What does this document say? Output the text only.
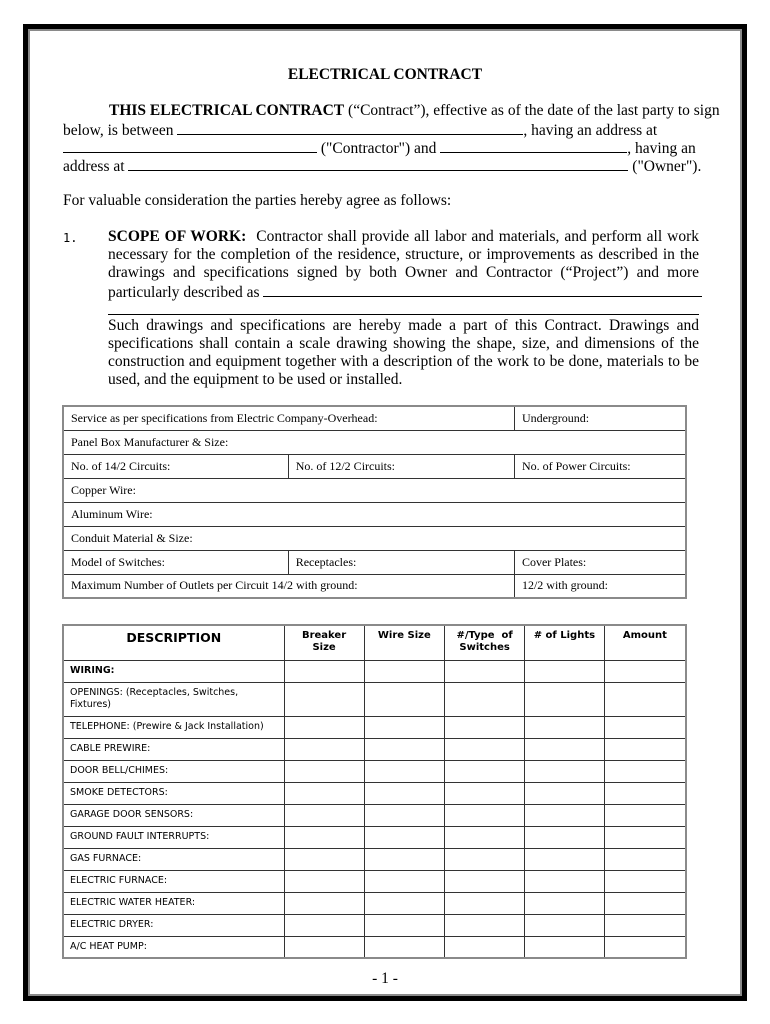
ELECTRICAL CONTRACT
THIS ELECTRICAL CONTRACT (“Contract”), effective as of the date of the last party to sign
below, is between	, having an address at
("Contractor") and	, having an
address at	("Owner").
For valuable consideration the parties hereby agree as follows:
1. SCOPE OF WORK: Contractor shall provide all labor and materials, and perform all work
necessary for the completion of the residence, structure, or improvements as described in the
drawings and specifications signed by both Owner and Contractor (“Project”) and more
particularly described as
Such drawings and specifications are hereby made a part of this Contract. Drawings and
specifications shall contain a scale drawing showing the shape, size, and dimensions of the
construction and equipment together with a description of the work to be done, materials to be
used, and the equipment to be used or installed.
Service as per specifications from Electric Company-Overhead:		Underground:
Panel Box Manufacturer & Size:		
No. of 14/2 Circuits:	No. of 12/2 Circuits:	No. of Power Circuits:
Copper Wire:		
Aluminum Wire:		
Conduit Material & Size:		
Model of Switches:	Receptacles:	Cover Plates:
Maximum Number of Outlets per Circuit 14/2 with ground:		12/2 with ground:
DESCRIPTION	Breaker Size	Wire Size	#/Type  of Switches	# of Lights	Amount
WIRING:					
OPENINGS: (Receptacles, Switches, Fixtures)					
TELEPHONE: (Prewire & Jack Installation)					
CABLE PREWIRE:					
DOOR BELL/CHIMES:					
SMOKE DETECTORS:					
GARAGE DOOR SENSORS:					
GROUND FAULT INTERRUPTS:					
GAS FURNACE:					
ELECTRIC FURNACE:					
ELECTRIC WATER HEATER:					
ELECTRIC DRYER:					
A/C HEAT PUMP:					
- 1 -
